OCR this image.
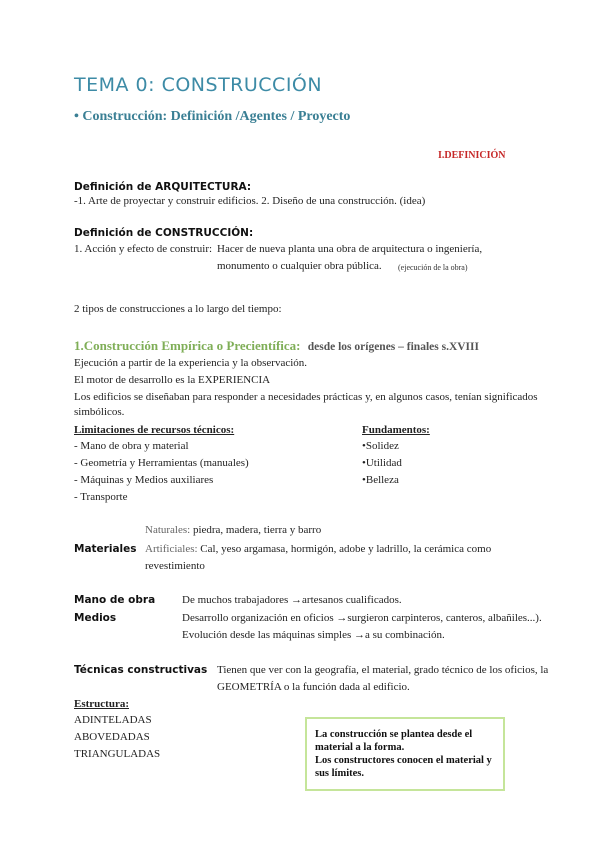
TEMA 0: CONSTRUCCIÓN
• Construcción: Definición /Agentes / Proyecto
I.DEFINICIÓN
Definición de ARQUITECTURA:
-1. Arte de proyectar y construir edificios. 2. Diseño de una construcción. (idea)
Definición de CONSTRUCCIÓN:
1. Acción y efecto de construir: Hacer de nueva planta una obra de arquitectura o ingeniería,
monumento o cualquier obra pública. (ejecución de la obra)
2 tipos de construcciones a lo largo del tiempo:
1.Construcción Empírica o Precientífica: desde los orígenes – finales s.XVIII
Ejecución a partir de la experiencia y la observación.
El motor de desarrollo es la EXPERIENCIA
Los edificios se diseñaban para responder a necesidades prácticas y, en algunos casos, tenían significados
simbólicos.
Limitaciones de recursos técnicos:
- Mano de obra y material
- Geometría y Herramientas (manuales)
- Máquinas y Medios auxiliares
- Transporte
Fundamentos:
•Solidez
•Utilidad
•Belleza
Naturales: piedra, madera, tierra y barro
Materiales Artificiales: Cal, yeso argamasa, hormigón, adobe y ladrillo, la cerámica como
revestimiento
Mano de obra De muchos trabajadores →artesanos cualificados.
Medios	Desarrollo organización en oficios →surgieron carpinteros, canteros, albañiles...).
Evolución desde las máquinas simples →a su combinación.
Técnicas constructivas Tienen que ver con la geografía, el material, grado técnico de los oficios, la
GEOMETRÍA o la función dada al edificio.
Estructura:
ADINTELADAS
ABOVEDADAS
TRIANGULADAS
La construcción se plantea desde el
material a la forma.
Los constructores conocen el material y
sus límites.
